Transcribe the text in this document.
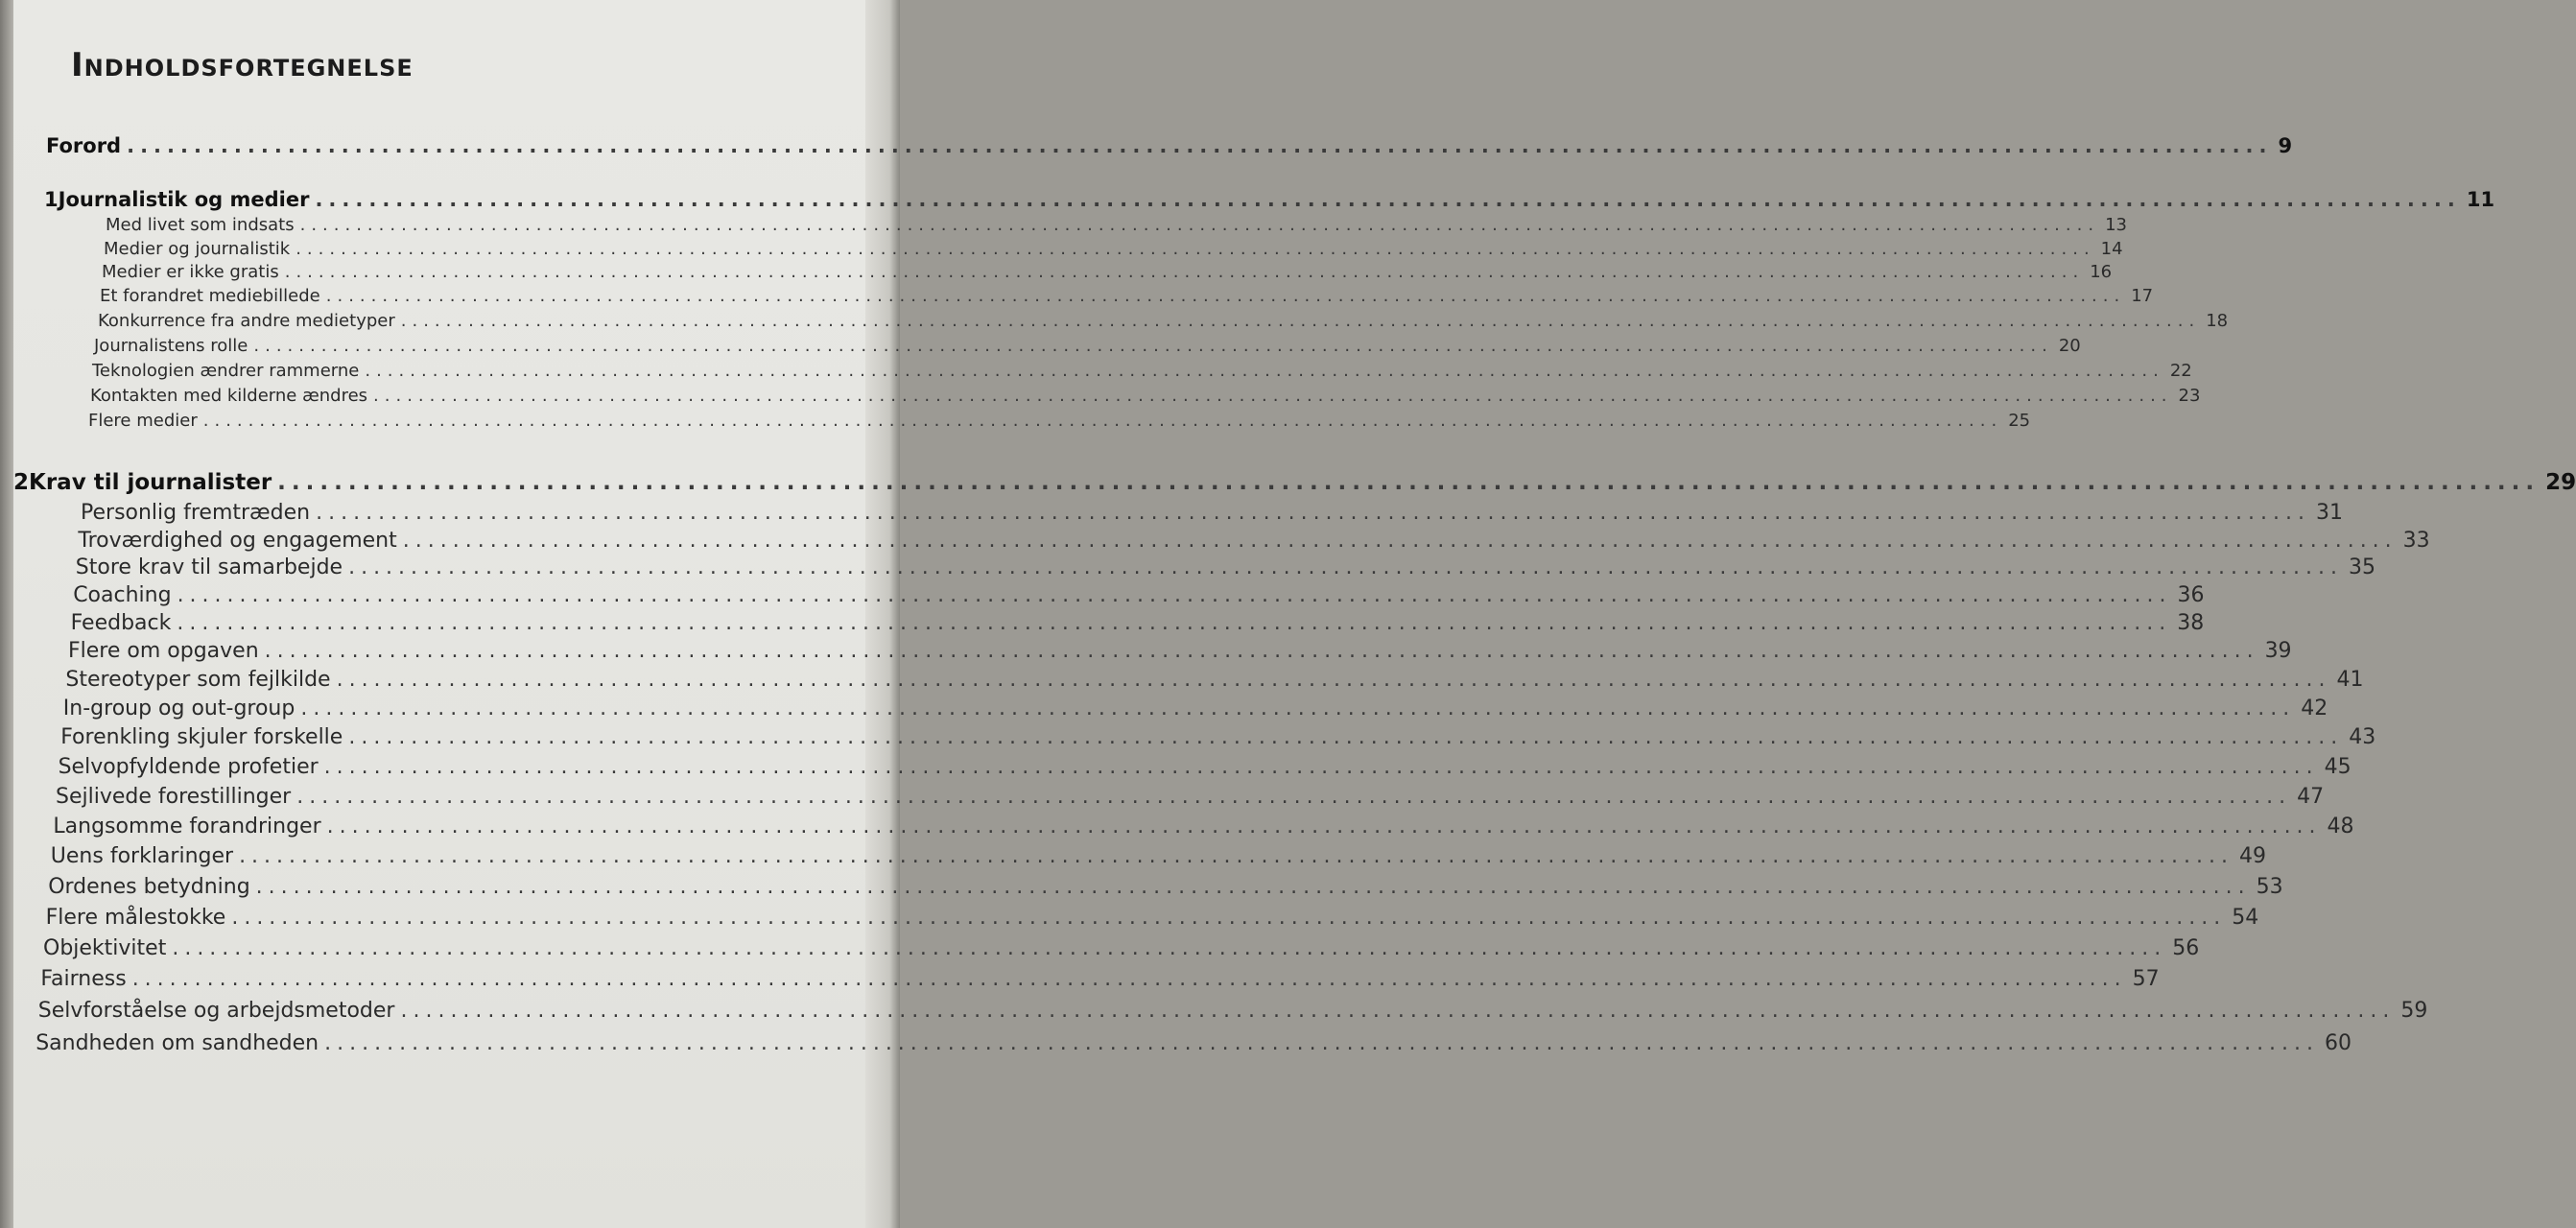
Indholdsfortegnelse
Forord ................................................................................................................................................................ 9
1 Journalistik og medier ................................................................................................................................................................ 11
Med livet som indsats ................................................................................................................................................................ 13
Medier og journalistik ................................................................................................................................................................ 14
Medier er ikke gratis ................................................................................................................................................................ 16
Et forandret mediebillede ................................................................................................................................................................ 17
Konkurrence fra andre medietyper ................................................................................................................................................................ 18
Journalistens rolle ................................................................................................................................................................ 20
Teknologien ændrer rammerne ................................................................................................................................................................ 22
Kontakten med kilderne ændres ................................................................................................................................................................ 23
Flere medier ................................................................................................................................................................ 25
2 Krav til journalister ................................................................................................................................................................ 29
Personlig fremtræden ................................................................................................................................................................ 31
Troværdighed og engagement ................................................................................................................................................................ 33
Store krav til samarbejde ................................................................................................................................................................ 35
Coaching ................................................................................................................................................................ 36
Feedback ................................................................................................................................................................ 38
Flere om opgaven ................................................................................................................................................................ 39
Stereotyper som fejlkilde ................................................................................................................................................................ 41
In-group og out-group ................................................................................................................................................................ 42
Forenkling skjuler forskelle ................................................................................................................................................................ 43
Selvopfyldende profetier ................................................................................................................................................................ 45
Sejlivede forestillinger ................................................................................................................................................................ 47
Langsomme forandringer ................................................................................................................................................................ 48
Uens forklaringer ................................................................................................................................................................ 49
Ordenes betydning ................................................................................................................................................................ 53
Flere målestokke ................................................................................................................................................................ 54
Objektivitet ................................................................................................................................................................ 56
Fairness ................................................................................................................................................................ 57
Selvforståelse og arbejdsmetoder ................................................................................................................................................................ 59
Sandheden om sandheden ................................................................................................................................................................ 60
